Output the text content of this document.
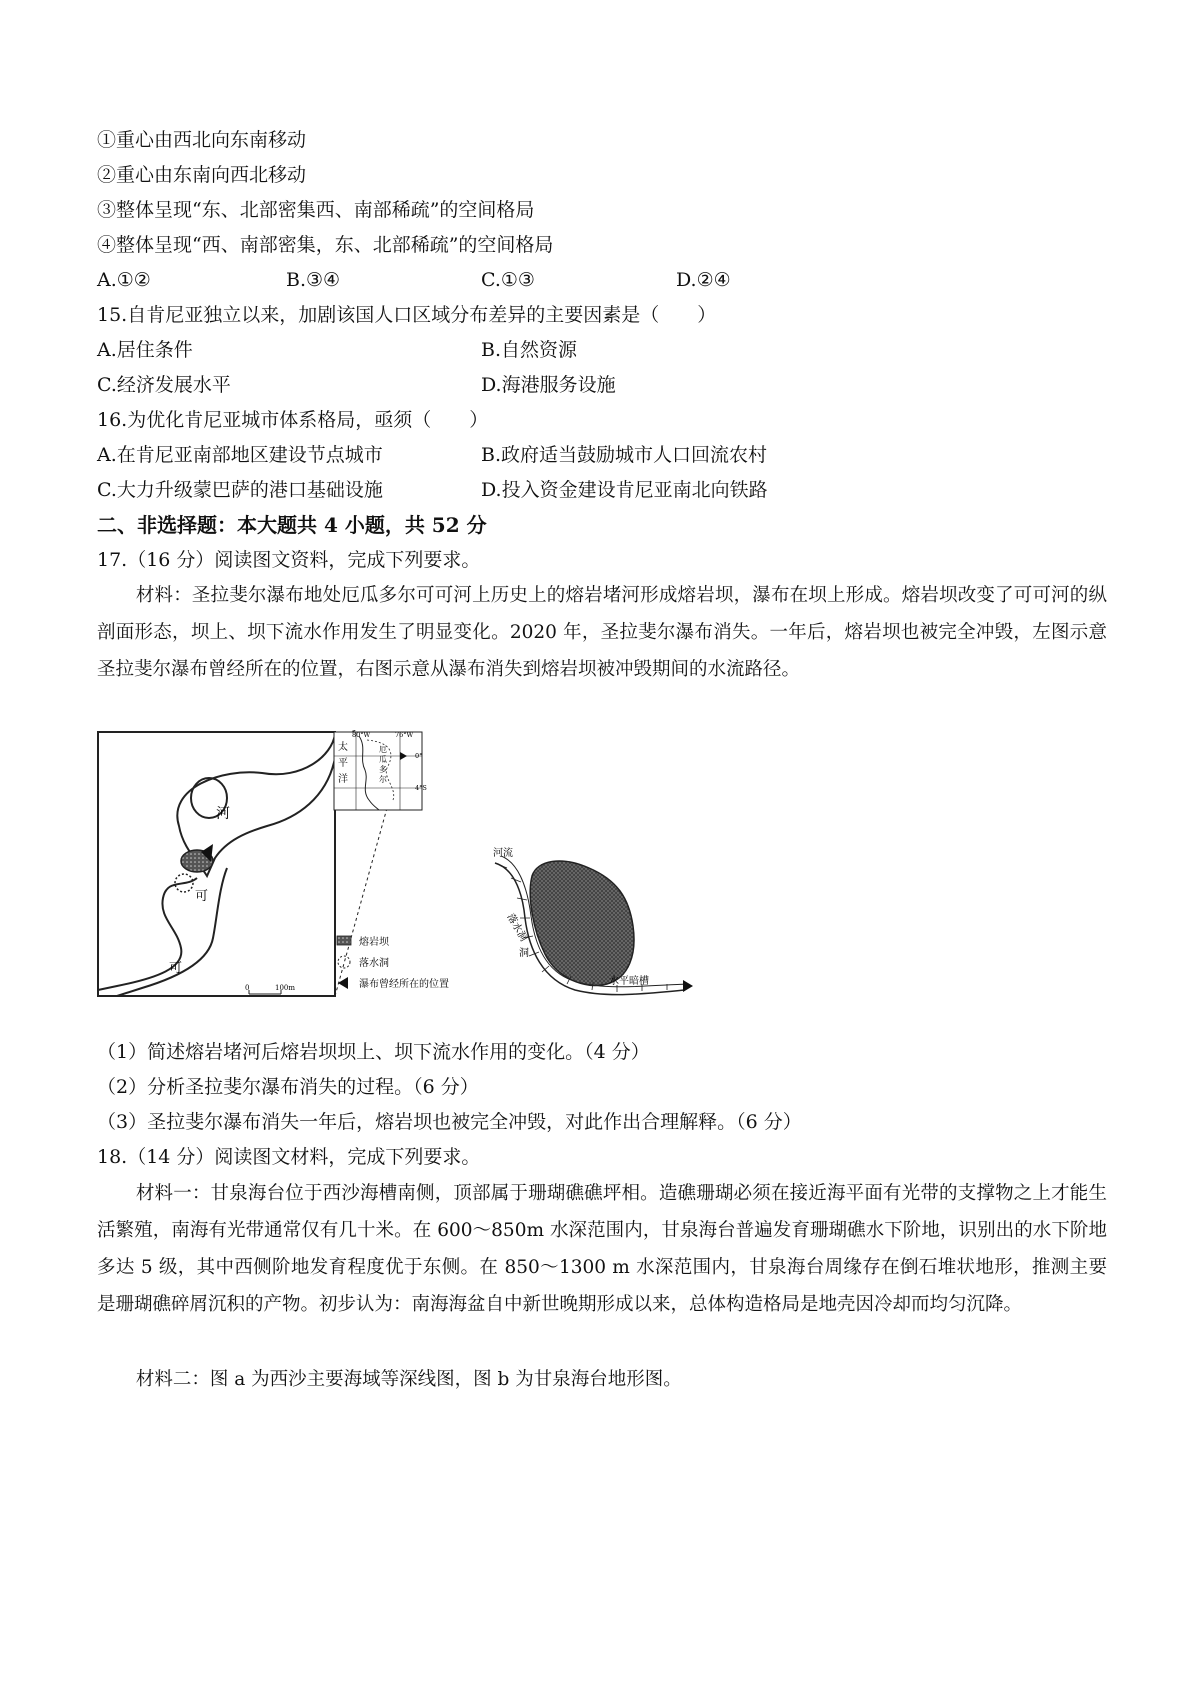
①重心由西北向东南移动
②重心由东南向西北移动
③整体呈现“东、北部密集西、南部稀疏”的空间格局
④整体呈现“西、南部密集，东、北部稀疏”的空间格局
A.①②	B.③④	C.①③	D.②④
15.自肯尼亚独立以来，加剧该国人口区域分布差异的主要因素是（　　）
A.居住条件	B.自然资源
C.经济发展水平	D.海港服务设施
16.为优化肯尼亚城市体系格局，亟须（　　）
A.在肯尼亚南部地区建设节点城市	B.政府适当鼓励城市人口回流农村
C.大力升级蒙巴萨的港口基础设施	D.投入资金建设肯尼亚南北向铁路
二、非选择题：本大题共 4 小题，共 52 分
17.（16 分）阅读图文资料，完成下列要求。
材料：圣拉斐尔瀑布地处厄瓜多尔可可河上历史上的熔岩堵河形成熔岩坝，瀑布在坝上形成。熔岩坝改变了可可河的纵剖面形态，坝上、坝下流水作用发生了明显变化。2020 年，圣拉斐尔瀑布消失。一年后，熔岩坝也被完全冲毁，左图示意圣拉斐尔瀑布曾经所在的位置，右图示意从瀑布消失到熔岩坝被冲毁期间的水流路径。
河
可
可
0	100m
80°W	76°W
0°
4°S
太
平
洋
瓜
多
尔
厄
熔岩坝
落水洞
瀑布曾经所在的位置
河流
落水洞
洞
水平暗槽
（1）简述熔岩堵河后熔岩坝坝上、坝下流水作用的变化。（4 分）
（2）分析圣拉斐尔瀑布消失的过程。（6 分）
（3）圣拉斐尔瀑布消失一年后，熔岩坝也被完全冲毁，对此作出合理解释。（6 分）
18.（14 分）阅读图文材料，完成下列要求。
材料一：甘泉海台位于西沙海槽南侧，顶部属于珊瑚礁礁坪相。造礁珊瑚必须在接近海平面有光带的支撑物之上才能生活繁殖，南海有光带通常仅有几十米。在 600～850m 水深范围内，甘泉海台普遍发育珊瑚礁水下阶地，识别出的水下阶地多达 5 级，其中西侧阶地发育程度优于东侧。在 850～1300 m 水深范围内，甘泉海台周缘存在倒石堆状地形，推测主要是珊瑚礁碎屑沉积的产物。初步认为：南海海盆自中新世晚期形成以来，总体构造格局是地壳因冷却而均匀沉降。
材料二：图 a 为西沙主要海域等深线图，图 b 为甘泉海台地形图。
